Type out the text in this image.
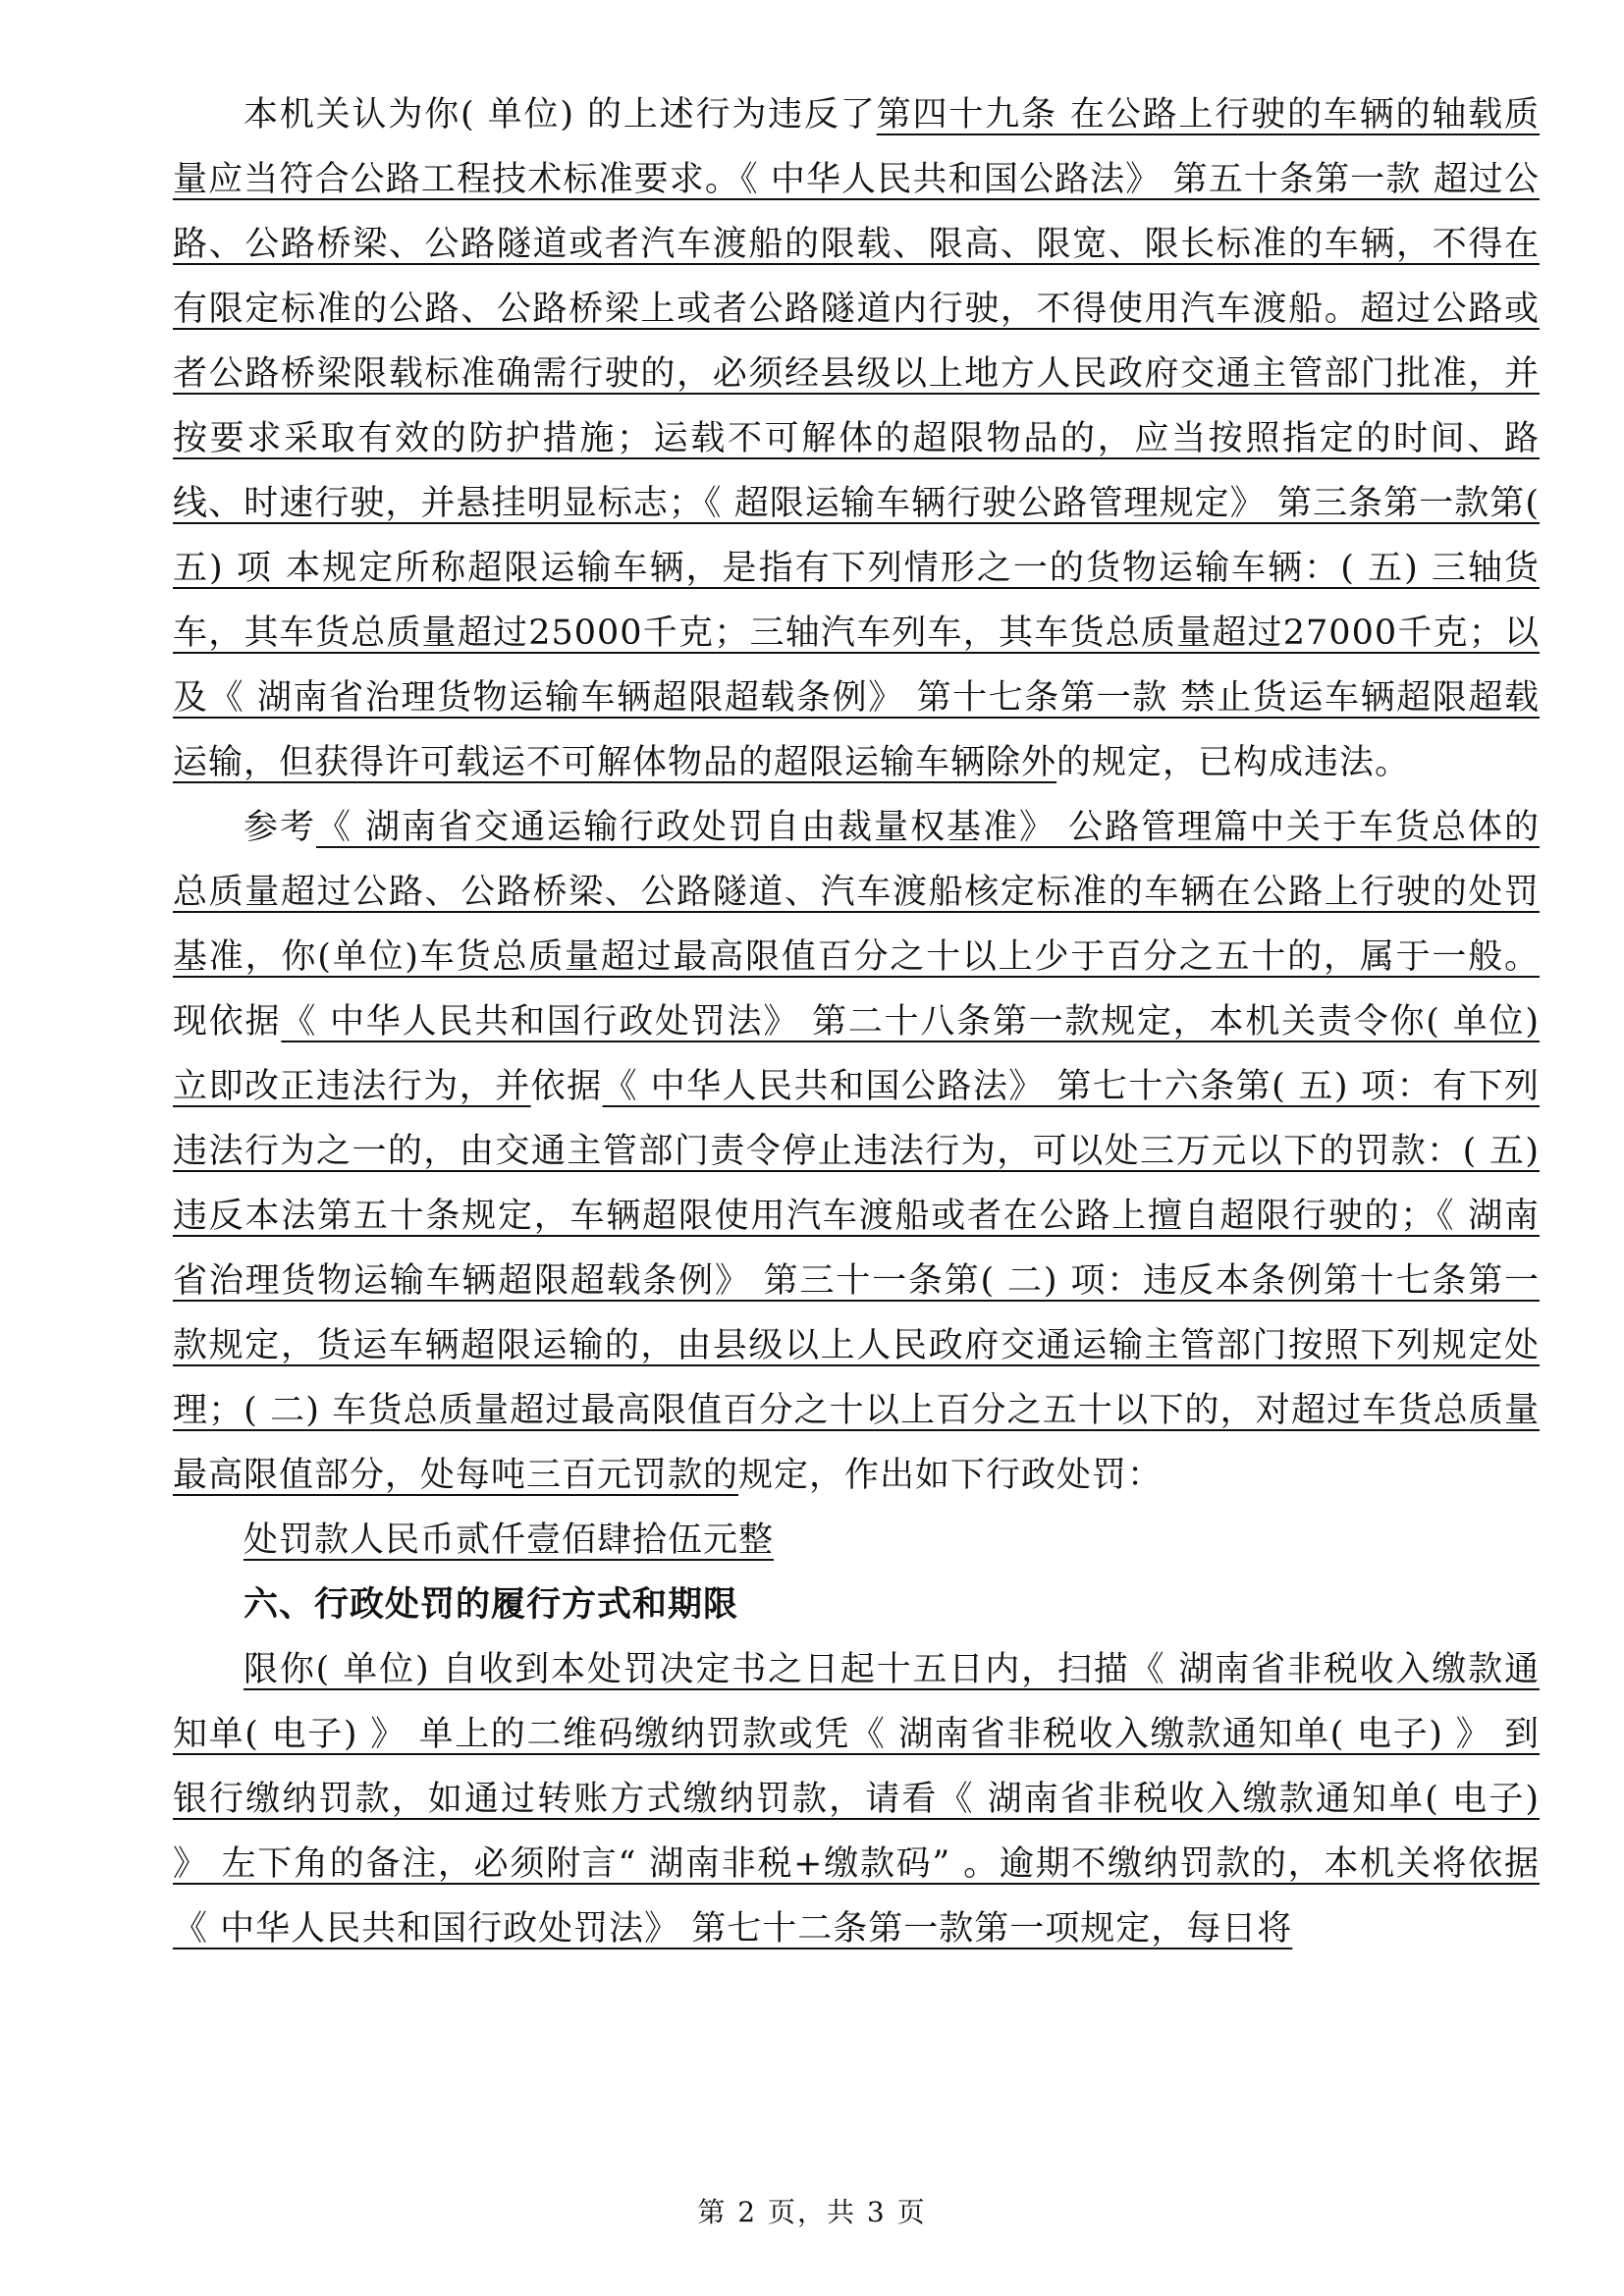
本机关认为你( 单位) 的上述行为违反了第四十九条 在公路上行驶的车辆的轴载质量应当符合公路工程技术标准要求。《 中华人民共和国公路法》 第五十条第一款 超过公路、公路桥梁、公路隧道或者汽车渡船的限载、限高、限宽、限长标准的车辆，不得在有限定标准的公路、公路桥梁上或者公路隧道内行驶，不得使用汽车渡船。超过公路或者公路桥梁限载标准确需行驶的，必须经县级以上地方人民政府交通主管部门批准，并按要求采取有效的防护措施；运载不可解体的超限物品的，应当按照指定的时间、路线、时速行驶，并悬挂明显标志；《 超限运输车辆行驶公路管理规定》 第三条第一款第( 五) 项 本规定所称超限运输车辆，是指有下列情形之一的货物运输车辆：( 五) 三轴货车，其车货总质量超过25000千克；三轴汽车列车，其车货总质量超过27000千克；以及《 湖南省治理货物运输车辆超限超载条例》 第十七条第一款 禁止货运车辆超限超载运输，但获得许可载运不可解体物品的超限运输车辆除外的规定，已构成违法。

参考《 湖南省交通运输行政处罚自由裁量权基准》 公路管理篇中关于车货总体的总质量超过公路、公路桥梁、公路隧道、汽车渡船核定标准的车辆在公路上行驶的处罚基准，你(单位)车货总质量超过最高限值百分之十以上少于百分之五十的，属于一般。现依据《 中华人民共和国行政处罚法》 第二十八条第一款规定，本机关责令你( 单位) 立即改正违法行为，并依据《 中华人民共和国公路法》 第七十六条第( 五) 项：有下列违法行为之一的，由交通主管部门责令停止违法行为，可以处三万元以下的罚款：( 五) 违反本法第五十条规定，车辆超限使用汽车渡船或者在公路上擅自超限行驶的；《 湖南省治理货物运输车辆超限超载条例》 第三十一条第( 二) 项：违反本条例第十七条第一款规定，货运车辆超限运输的，由县级以上人民政府交通运输主管部门按照下列规定处理；( 二) 车货总质量超过最高限值百分之十以上百分之五十以下的，对超过车货总质量最高限值部分，处每吨三百元罚款的规定，作出如下行政处罚：

处罚款人民币贰仟壹佰肆拾伍元整

六、行政处罚的履行方式和期限

限你( 单位) 自收到本处罚决定书之日起十五日内，扫描《 湖南省非税收入缴款通知单( 电子) 》 单上的二维码缴纳罚款或凭《 湖南省非税收入缴款通知单( 电子) 》 到银行缴纳罚款，如通过转账方式缴纳罚款，请看《 湖南省非税收入缴款通知单( 电子) 》 左下角的备注，必须附言“ 湖南非税+缴款码” 。逾期不缴纳罚款的，本机关将依据《 中华人民共和国行政处罚法》 第七十二条第一款第一项规定，每日将

第 2 页，共 3 页
